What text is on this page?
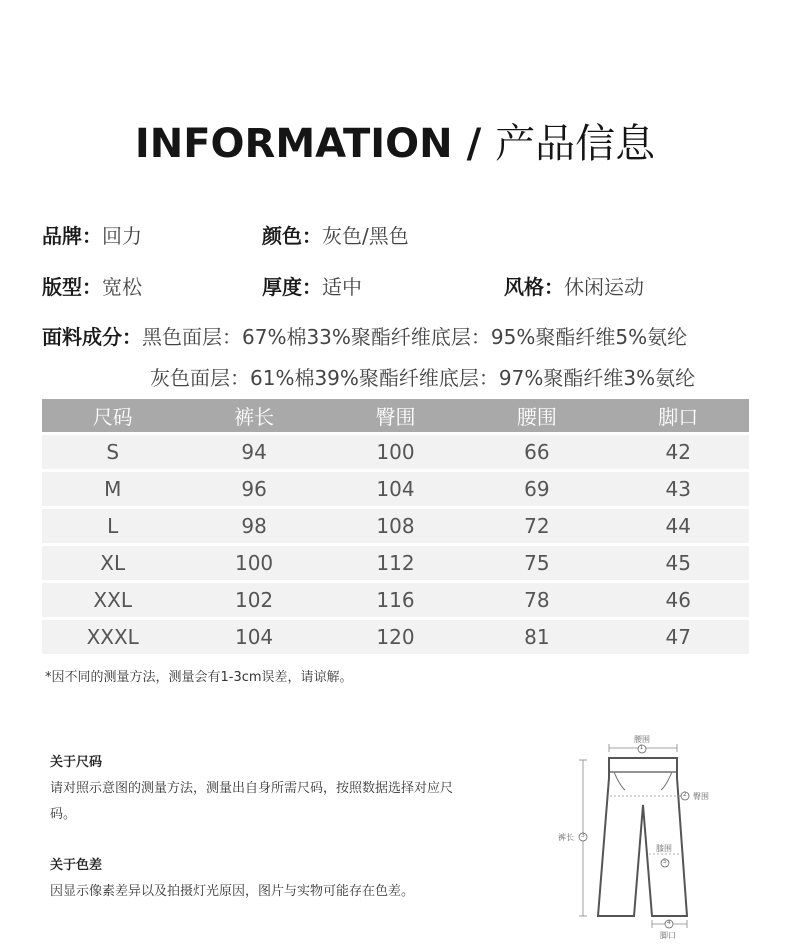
INFORMATION / 产品信息
品牌：回力	颜色：灰色/黑色
版型：宽松	厚度：适中	风格：休闲运动
面料成分：黑色面层：67%棉33%聚酯纤维底层：95%聚酯纤维5%氨纶
灰色面层：61%棉39%聚酯纤维底层：97%聚酯纤维3%氨纶
尺码	裤长	臀围	腰围	脚口
S	94	100	66	42
M	96	104	69	43
L	98	108	72	44
XL	100	112	75	45
XXL	102	116	78	46
XXXL	104	120	81	47
*因不同的测量方法，测量会有1-3cm误差，请谅解。
关于尺码
请对照示意图的测量方法，测量出自身所需尺码，按照数据选择对应尺码。
关于色差
因显示像素差异以及拍摄灯光原因，图片与实物可能存在色差。
腰围
1
2 臀围
裤长 3
膝围
5
4
脚口
